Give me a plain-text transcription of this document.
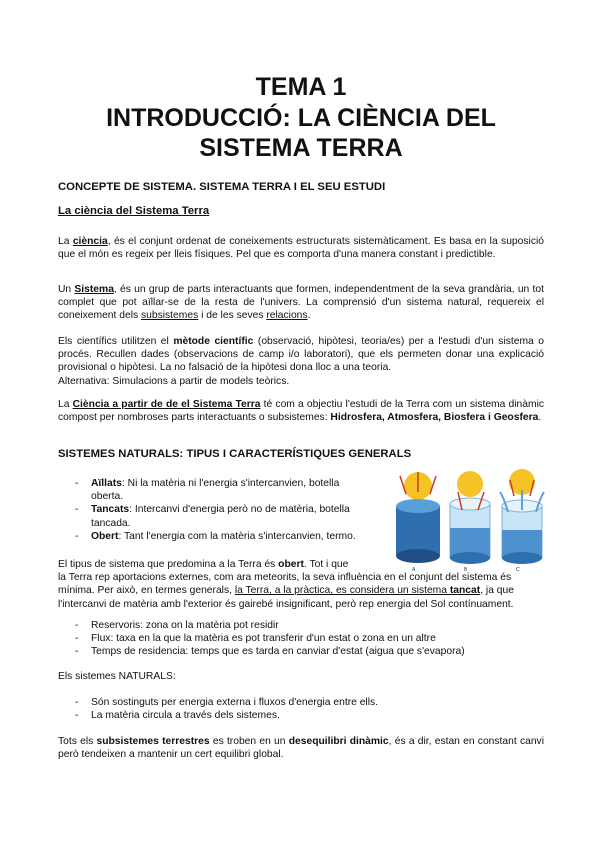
TEMA 1
INTRODUCCIÓ: LA CIÈNCIA DEL
SISTEMA TERRA
CONCEPTE DE SISTEMA. SISTEMA TERRA I EL SEU ESTUDI
La ciència del Sistema Terra

La ciència, és el conjunt ordenat de coneixements estructurats sistemàticament. Es basa en la suposició que el món es regeix per lleis físiques. Pel que es comporta d'una manera constant i predictible.

Un Sistema, és un grup de parts interactuants que formen, independentment de la seva grandària, un tot complet que pot aïllar-se de la resta de l'univers. La comprensió d'un sistema natural, requereix el coneixement dels subsistemes i de les seves relacions.

Els científics utilitzen el mètode científic (observació, hipòtesi, teoria/es) per a l'estudi d'un sistema o procés. Recullen dades (observacions de camp i/o laboratori), que els permeten donar una explicació provisional o hipòtesi. La no falsació de la hipòtesi dona lloc a una teoria.
Alternativa: Simulacions a partir de models teòrics.

La Ciència a partir de de el Sistema Terra té com a objectiu l'estudi de la Terra com un sistema dinàmic compost per nombroses parts interactuants o subsistemes: Hidrosfera, Atmosfera, Biosfera i Geosfera.

SISTEMES NATURALS: TIPUS I CARACTERÍSTIQUES GENERALS
- Aïllats: Ni la matèria ni l'energia s'intercanvien, botella
oberta.
- Tancats: Intercanvi d'energia però no de matèria, botella
tancada.
- Obert: Tant l'energia com la matèria s'intercanvien, termo.
A	B	C

El tipus de sistema que predomina a la Terra és obert. Tot i que
la Terra rep aportacions externes, com ara meteorits, la seva influència en el conjunt del sistema és
mínima. Per això, en termes generals, la Terra, a la pràctica, es considera un sistema tancat, ja que
l'intercanvi de matèria amb l'exterior és gairebé insignificant, però rep energia del Sol contínuament.

- Reservoris: zona on la matèria pot residir
- Flux: taxa en la que la matèria es pot transferir d'un estat o zona en un altre
- Temps de residencia: temps que es tarda en canviar d'estat (aigua que s'evapora)

Els sistemes NATURALS:

- Són sostinguts per energia externa i fluxos d'energia entre ells.
- La matèria circula a través dels sistemes.

Tots els subsistemes terrestres es troben en un desequilibri dinàmic, és a dir, estan en constant canvi però tendeixen a mantenir un cert equilibri global.
